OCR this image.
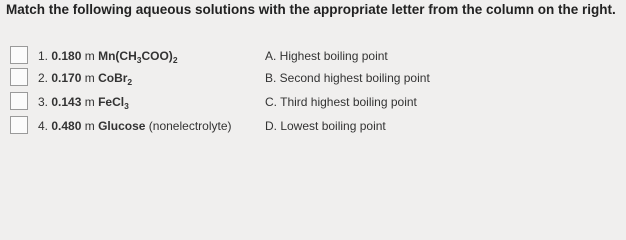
Match the following aqueous solutions with the appropriate letter from the column on the right.
1. 0.180 m $Mn(CH_3COO)_2$	A. Highest boiling point
2. 0.170 m CoBr$_2$	B. Second highest boiling point
3. 0.143 m FeCl$_3$	C. Third highest boiling point
4. 0.480 m Glucose (nonelectrolyte)	D. Lowest boiling point
